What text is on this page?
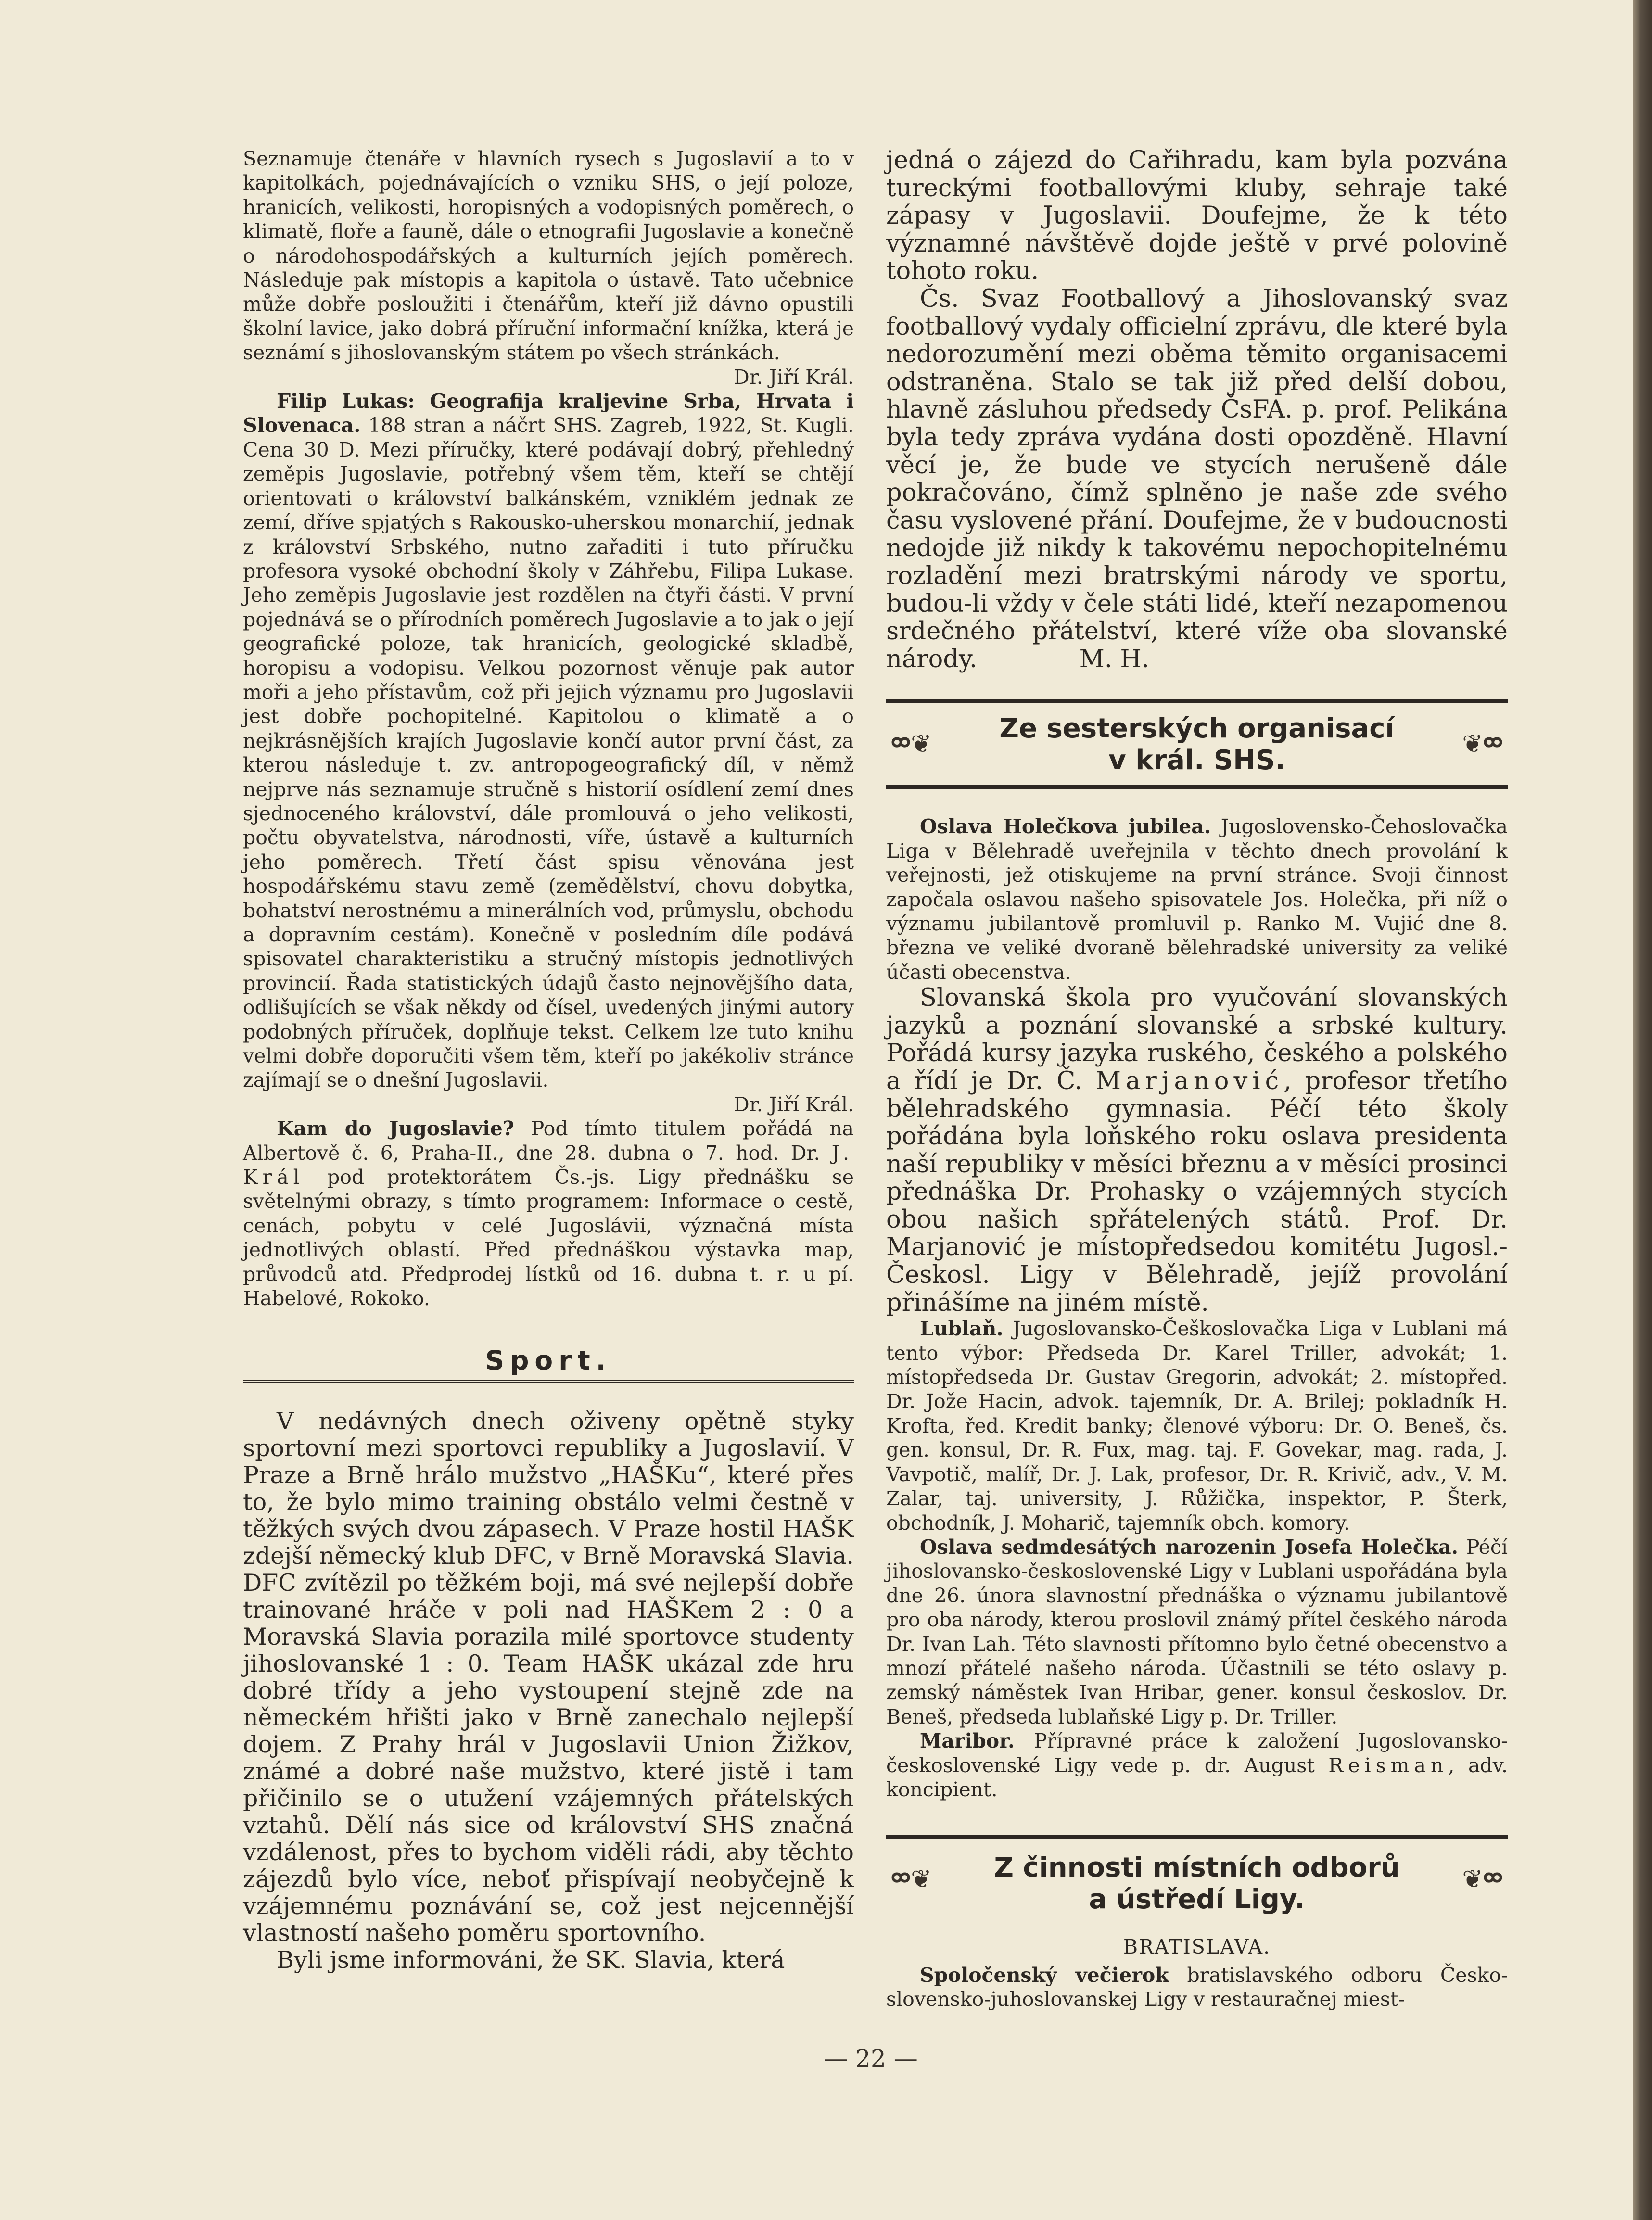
Seznamuje čtenáře v hlavních rysech s Jugoslavií a to v kapitolkách, pojednávajících o vzniku SHS, o její poloze, hranicích, velikosti, horopisných a vodopisných poměrech, o klimatě, floře a fauně, dále o etnografii Jugoslavie a konečně o národohospodářských a kulturních jejích poměrech. Následuje pak místopis a kapitola o ústavě. Tato učebnice může dobře posloužiti i čtenářům, kteří již dávno opustili školní lavice, jako dobrá příruční informační knížka, která je seznámí s jihoslovanským státem po všech stránkách.

Dr. Jiří Král.

Filip Lukas: Geografija kraljevine Srba, Hrvata i Slovenaca. 188 stran a náčrt SHS. Zagreb, 1922, St. Kugli. Cena 30 D. Mezi příručky, které podávají dobrý, přehledný zeměpis Jugoslavie, potřebný všem těm, kteří se chtějí orientovati o království balkánském, vzniklém jednak ze zemí, dříve spjatých s Rakousko-uherskou monarchií, jednak z království Srbského, nutno zařaditi i tuto příručku profesora vysoké obchodní školy v Záhřebu, Filipa Lukase. Jeho zeměpis Jugoslavie jest rozdělen na čtyři části. V první pojednává se o přírodních poměrech Jugoslavie a to jak o její geografické poloze, tak hranicích, geologické skladbě, horopisu a vodopisu. Velkou pozornost věnuje pak autor moři a jeho přístavům, což při jejich významu pro Jugoslavii jest dobře pochopitelné. Kapitolou o klimatě a o nejkrásnějších krajích Jugoslavie končí autor první část, za kterou následuje t. zv. antropogeografický díl, v němž nejprve nás seznamuje stručně s historií osídlení zemí dnes sjednoceného království, dále promlouvá o jeho velikosti, počtu obyvatelstva, národnosti, víře, ústavě a kulturních jeho poměrech. Třetí část spisu věnována jest hospodářskému stavu země (zemědělství, chovu dobytka, bohatství nerostnému a minerálních vod, průmyslu, obchodu a dopravním cestám). Konečně v posledním díle podává spisovatel charakteristiku a stručný místopis jednotlivých provincií. Řada statistických údajů často nejnovějšího data, odlišujících se však někdy od čísel, uvedených jinými autory podobných příruček, doplňuje tekst. Celkem lze tuto knihu velmi dobře doporučiti všem těm, kteří po jakékoliv stránce zajímají se o dnešní Jugoslavii.

Dr. Jiří Král.

Kam do Jugoslavie? Pod tímto titulem pořádá na Albertově č. 6, Praha-II., dne 28. dubna o 7. hod. Dr. J. Král pod protektorátem Čs.-js. Ligy přednášku se světelnými obrazy, s tímto programem: Informace o cestě, cenách, pobytu v celé Jugoslávii, význačná místa jednotlivých oblastí. Před přednáškou výstavka map, průvodců atd. Předprodej lístků od 16. dubna t. r. u pí. Habelové, Rokoko.

Sport.

V nedávných dnech oživeny opětně styky sportovní mezi sportovci republiky a Jugoslavií. V Praze a Brně hrálo mužstvo „HAŠKu“, které přes to, že bylo mimo training obstálo velmi čestně v těžkých svých dvou zápasech. V Praze hostil HAŠK zdejší německý klub DFC, v Brně Moravská Slavia. DFC zvítězil po těžkém boji, má své nejlepší dobře trainované hráče v poli nad HAŠKem 2 : 0 a Moravská Slavia porazila milé sportovce studenty jihoslovanské 1 : 0. Team HAŠK ukázal zde hru dobré třídy a jeho vystoupení stejně zde na německém hřišti jako v Brně zanechalo nejlepší dojem. Z Prahy hrál v Jugoslavii Union Žižkov, známé a dobré naše mužstvo, které jistě i tam přičinilo se o utužení vzájemných přátelských vztahů. Dělí nás sice od království SHS značná vzdálenost, přes to bychom viděli rádi, aby těchto zájezdů bylo více, neboť přispívají neobyčejně k vzájemnému poznávání se, což jest nejcennější vlastností našeho poměru sportovního.

Byli jsme informováni, že SK. Slavia, která

jedná o zájezd do Cařihradu, kam byla pozvána tureckými footballovými kluby, sehraje také zápasy v Jugoslavii. Doufejme, že k této významné návštěvě dojde ještě v prvé polovině tohoto roku.

Čs. Svaz Footballový a Jihoslovanský svaz footballový vydaly officielní zprávu, dle které byla nedorozumění mezi oběma těmito organisacemi odstraněna. Stalo se tak již před delší dobou, hlavně zásluhou předsedy ČsFA. p. prof. Pelikána byla tedy zpráva vydána dosti opozděně. Hlavní věcí je, že bude ve stycích nerušeně dále pokračováno, čímž splněno je naše zde svého času vyslovené přání. Doufejme, že v budoucnosti nedojde již nikdy k takovému nepochopitelnému rozladění mezi bratrskými národy ve sportu, budou-li vždy v čele státi lidé, kteří nezapomenou srdečného přátelství, které víže oba slovanské národy.	M. H.

ᢁ❦	Ze sesterských organisací
v král. SHS.
❦ᢁ

Oslava Holečkova jubilea. Jugoslovensko-Čehoslovačka Liga v Bělehradě uveřejnila v těchto dnech provolání k veřejnosti, jež otiskujeme na první stránce. Svoji činnost započala oslavou našeho spisovatele Jos. Holečka, při níž o významu jubilantově promluvil p. Ranko M. Vujić dne 8. března ve veliké dvoraně bělehradské university za veliké účasti obecenstva.

Slovanská škola pro vyučování slovanských jazyků a poznání slovanské a srbské kultury. Pořádá kursy jazyka ruského, českého a polského a řídí je Dr. Č. Marjanović, profesor třetího bělehradského gymnasia. Péčí této školy pořádána byla loňského roku oslava presidenta naší republiky v měsíci březnu a v měsíci prosinci přednáška Dr. Prohasky o vzájemných stycích obou našich spřátelených států. Prof. Dr. Marjanović je místopředsedou komitétu Jugosl.-Českosl. Ligy v Bělehradě, jejíž provolání přinášíme na jiném místě.

Lublaň. Jugoslovansko-Češkoslovačka Liga v Lublani má tento výbor: Předseda Dr. Karel Triller, advokát; 1. místopředseda Dr. Gustav Gregorin, advokát; 2. místopřed. Dr. Jože Hacin, advok. tajemník, Dr. A. Brilej; pokladník H. Krofta, řed. Kredit banky; členové výboru: Dr. O. Beneš, čs. gen. konsul, Dr. R. Fux, mag. taj. F. Govekar, mag. rada, J. Vavpotič, malíř, Dr. J. Lak, profesor, Dr. R. Krivič, adv., V. M. Zalar, taj. university, J. Růžička, inspektor, P. Šterk, obchodník, J. Moharič, tajemník obch. komory.

Oslava sedmdesátých narozenin Josefa Holečka. Péčí jihoslovansko-československé Ligy v Lublani uspořádána byla dne 26. února slavnostní přednáška o významu jubilantově pro oba národy, kterou proslovil známý přítel českého národa Dr. Ivan Lah. Této slavnosti přítomno bylo četné obecenstvo a mnozí přátelé našeho národa. Účastnili se této oslavy p. zemský náměstek Ivan Hribar, gener. konsul českoslov. Dr. Beneš, předseda lublaňské Ligy p. Dr. Triller.

Maribor. Přípravné práce k založení Jugoslovansko-československé Ligy vede p. dr. August Reisman, adv. koncipient.

ᢁ❦	Z činnosti místních odborů
a ústředí Ligy.
❦ᢁ

BRATISLAVA.

Spoločenský večierok bratislavského odboru Česko-slovensko-juhoslovanskej Ligy v restauračnej miest-

— 22 —
